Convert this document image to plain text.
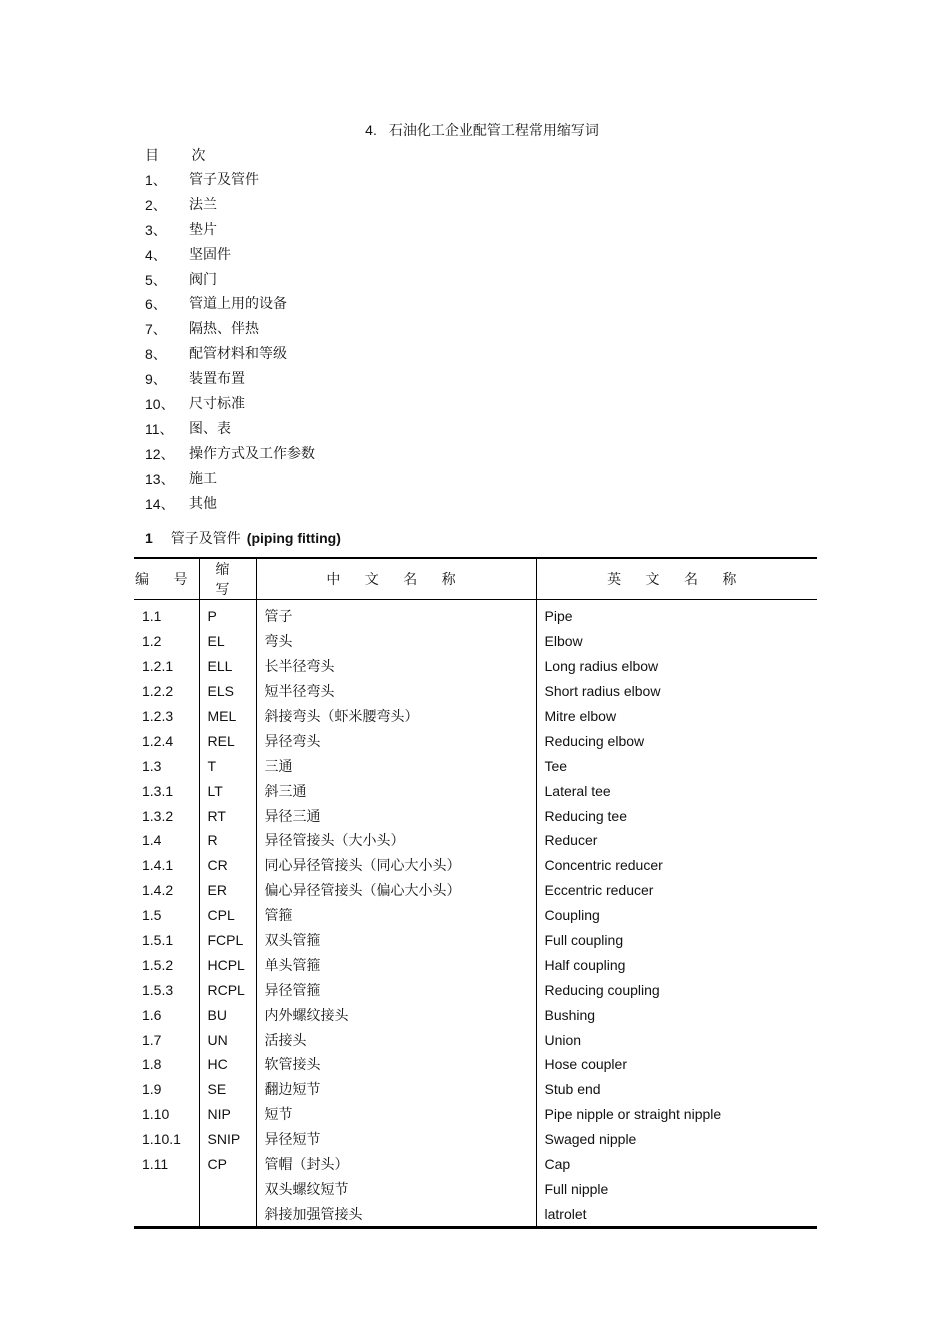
4. 石油化工企业配管工程常用缩写词
目 次
1、	管子及管件
2、	法兰
3、	垫片
4、	坚固件
5、	阀门
6、	管道上用的设备
7、	隔热、伴热
8、	配管材料和等级
9、	装置布置
10、	尺寸标准
11、	图、表
12、	操作方式及工作参数
13、	施工
14、	其他
1 管子及管件 (piping fitting)
编 号	缩 写	中 文 名 称	英 文 名 称
1.1	P	管子	Pipe
1.2	EL	弯头	Elbow
1.2.1	ELL	长半径弯头	Long radius elbow
1.2.2	ELS	短半径弯头	Short radius elbow
1.2.3	MEL	斜接弯头（虾米腰弯头）	Mitre elbow
1.2.4	REL	异径弯头	Reducing elbow
1.3	T	三通	Tee
1.3.1	LT	斜三通	Lateral tee
1.3.2	RT	异径三通	Reducing tee
1.4	R	异径管接头（大小头）	Reducer
1.4.1	CR	同心异径管接头（同心大小头）	Concentric reducer
1.4.2	ER	偏心异径管接头（偏心大小头）	Eccentric reducer
1.5	CPL	管箍	Coupling
1.5.1	FCPL	双头管箍	Full coupling
1.5.2	HCPL	单头管箍	Half coupling
1.5.3	RCPL	异径管箍	Reducing coupling
1.6	BU	内外螺纹接头	Bushing
1.7	UN	活接头	Union
1.8	HC	软管接头	Hose coupler
1.9	SE	翻边短节	Stub end
1.10	NIP	短节	Pipe nipple or straight nipple
1.10.1	SNIP	异径短节	Swaged nipple
1.11	CP	管帽（封头）	Cap
		双头螺纹短节	Full nipple
		斜接加强管接头	latrolet
